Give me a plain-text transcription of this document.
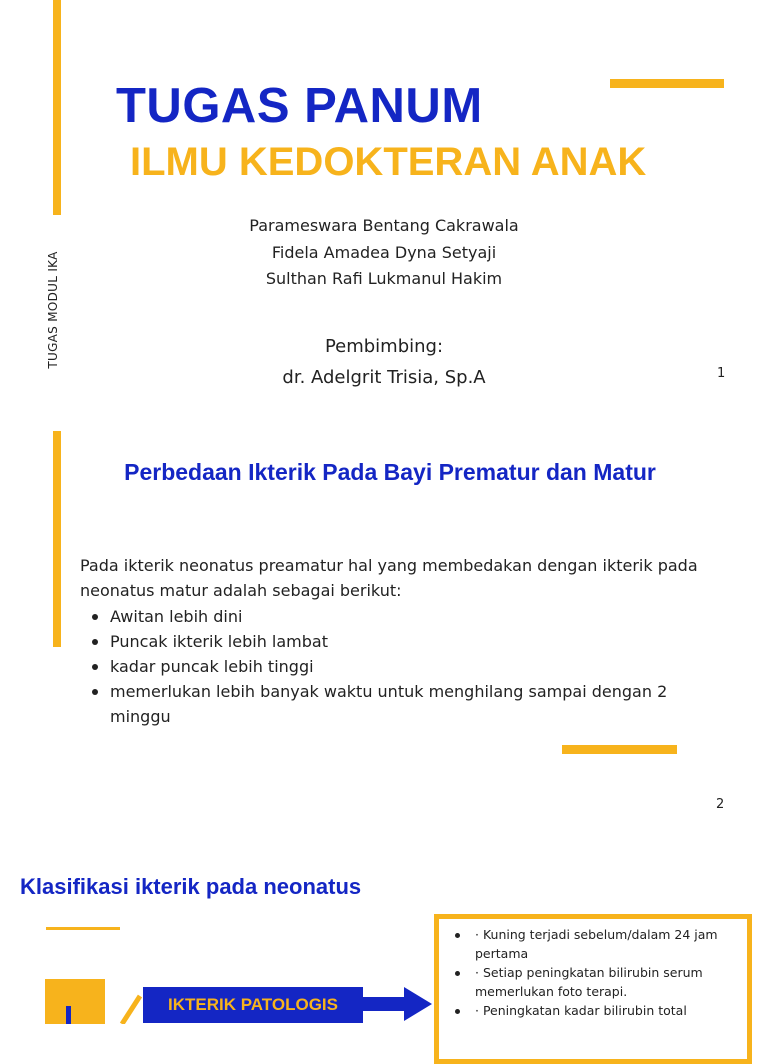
TUGAS PANUM
ILMU KEDOKTERAN ANAK
TUGAS MODUL IKA
Parameswara Bentang Cakrawala
Fidela Amadea Dyna Setyaji
Sulthan Rafi Lukmanul Hakim
Pembimbing:
dr. Adelgrit Trisia, Sp.A	1
Perbedaan Ikterik Pada Bayi Prematur dan Matur
Pada ikterik neonatus preamatur hal yang membedakan dengan ikterik pada neonatus matur adalah sebagai berikut:
Awitan lebih dini
Puncak ikterik lebih lambat
kadar puncak lebih tinggi
memerlukan lebih banyak waktu untuk menghilang sampai dengan 2 minggu
2
Klasifikasi ikterik pada neonatus
IKTERIK PATOLOGIS
· Kuning terjadi sebelum/dalam 24 jam pertama
· Setiap peningkatan bilirubin serum memerlukan foto terapi.
· Peningkatan kadar bilirubin total
